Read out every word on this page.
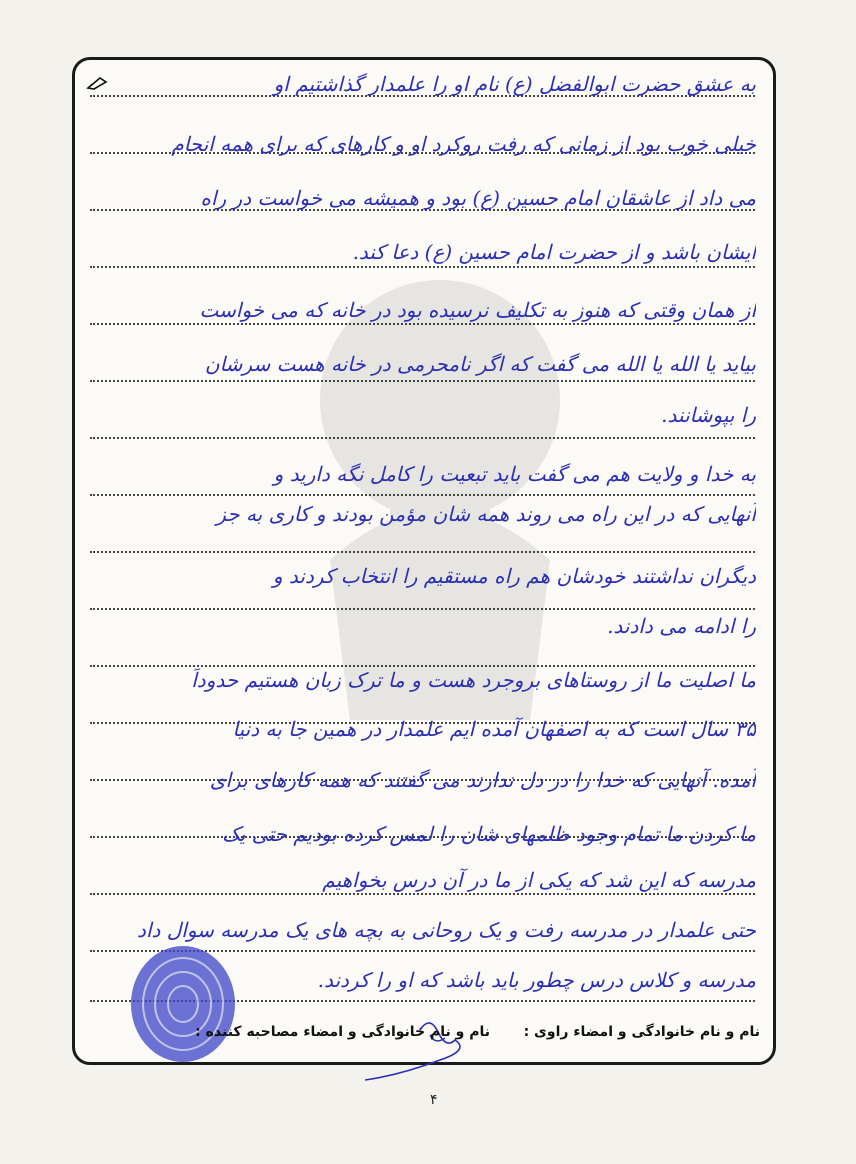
به عشق حضرت ابوالفضل (ع) نام او را علمدار گذاشتیم او
خیلی خوب بود از زمانی که رفت روکرد او و کارهای که برای همه انجام
می داد از عاشقان امام حسین (ع) بود و همیشه می خواست در راه
ایشان باشد و از حضرت امام حسین (ع) دعا کند.
از همان وقتی که هنوز به تکلیف نرسیده بود در خانه که می خواست
بیاید یا الله یا الله می گفت که اگر نامحرمی در خانه هست سرشان
را بپوشانند.
به خدا و ولایت هم می گفت باید تبعیت را کامل نگه دارید و
آنهایی که در این راه می روند همه شان مؤمن بودند و کاری به جز
دیگران نداشتند خودشان هم راه مستقیم را انتخاب کردند و
را ادامه می دادند.
ما اصلیت ما از روستاهای بروجرد هست و ما ترک زبان هستیم حدوداً
۳۵ سال است که به اصفهان آمده ایم علمدار در همین جا به دنیا
آمده. آنهایی که خدا را در دل ندارند می گفتند که همه کارهای برای
ما کردن ما تمام وجود ظلمهای شان را لمس کرده بودیم حتی یک
مدرسه که این شد که یکی از ما در آن درس بخواهیم
حتی علمدار در مدرسه رفت و یک روحانی به بچه های یک مدرسه سوال داد
مدرسه و کلاس درس چطور باید باشد که او را کردند.
نام و نام خانوادگی و امضاء راوی :
نام و نام خانوادگی و امضاء مصاحبه کننده :
۴
